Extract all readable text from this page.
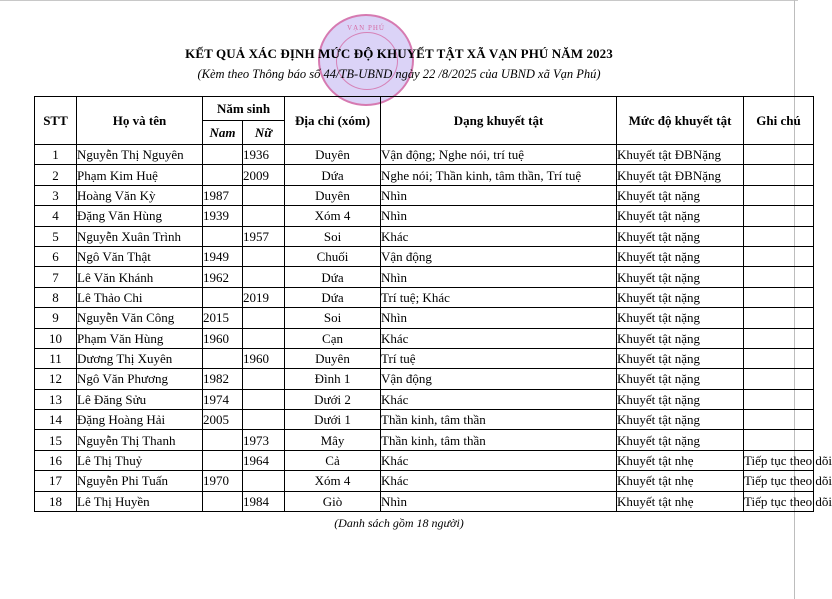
VẠN PHÚ
KẾT QUẢ XÁC ĐỊNH MỨC ĐỘ KHUYẾT TẬT XÃ VẠN PHÚ NĂM 2023
(Kèm theo Thông báo số 44/TB-UBND ngày 22 /8/2025 của UBND xã Vạn Phú)
STT	Họ và tên	Năm sinh		Địa chỉ (xóm)	Dạng khuyết tật	Mức độ khuyết tật	Ghi chú
		Nam	Nữ				
1	Nguyễn Thị Nguyên		1936	Duyên	Vận động; Nghe nói, trí tuệ	Khuyết tật ĐBNặng	
2	Phạm Kim Huệ		2009	Dứa	Nghe nói; Thần kinh, tâm thần, Trí tuệ	Khuyết tật ĐBNặng	
3	Hoàng Văn Kỳ	1987		Duyên	Nhìn	Khuyết tật nặng	
4	Đặng Văn Hùng	1939		Xóm 4	Nhìn	Khuyết tật nặng	
5	Nguyễn Xuân Trình		1957	Soi	Khác	Khuyết tật nặng	
6	Ngô Văn Thật	1949		Chuối	Vận động	Khuyết tật nặng	
7	Lê Văn Khánh	1962		Dứa	Nhìn	Khuyết tật nặng	
8	Lê Thảo Chi		2019	Dứa	Trí tuệ; Khác	Khuyết tật nặng	
9	Nguyễn Văn Công	2015		Soi	Nhìn	Khuyết tật nặng	
10	Phạm Văn Hùng	1960		Cạn	Khác	Khuyết tật nặng	
11	Dương Thị Xuyên		1960	Duyên	Trí tuệ	Khuyết tật nặng	
12	Ngô Văn Phương	1982		Đình 1	Vận động	Khuyết tật nặng	
13	Lê Đăng Sửu	1974		Dưới 2	Khác	Khuyết tật nặng	
14	Đặng Hoàng Hải	2005		Dưới 1	Thần kinh, tâm thần	Khuyết tật nặng	
15	Nguyễn Thị Thanh		1973	Mây	Thần kinh, tâm thần	Khuyết tật nặng	
16	Lê Thị Thuỷ		1964	Cả	Khác	Khuyết tật nhẹ	Tiếp tục theo dõi
17	Nguyễn Phi Tuấn	1970		Xóm 4	Khác	Khuyết tật nhẹ	Tiếp tục theo dõi
18	Lê Thị Huyền		1984	Giò	Nhìn	Khuyết tật nhẹ	Tiếp tục theo dõi
(Danh sách gồm 18 người)
